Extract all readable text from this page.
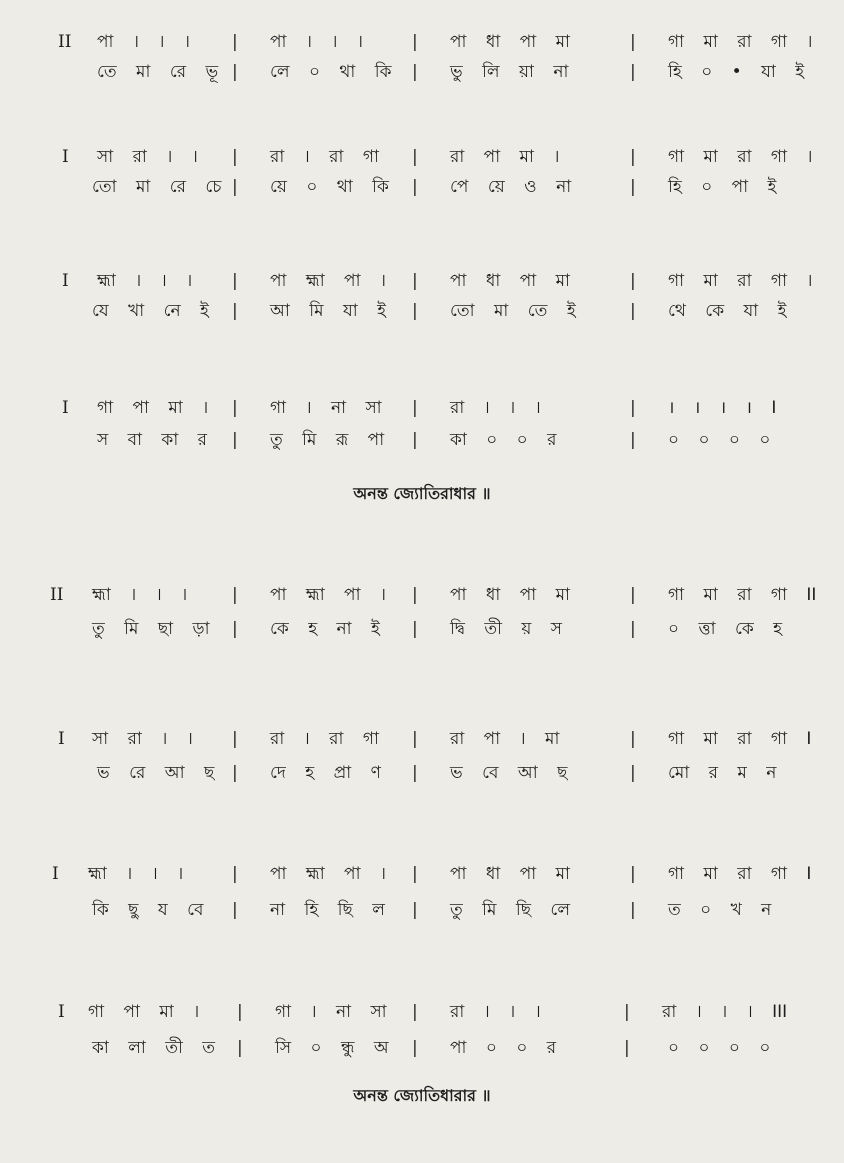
II পা । । ।	| পা । । ।	| পা ধা পা মা	| গা মা রা গা ।
তে মা রে ভূ | লে ০ থা কি	| ভু লি য়া না	| হি ০ • যা ই
I সা রা । ।	| রা । রা গা	| রা পা মা ।	| গা মা রা গা ।
তো মা রে চে | য়ে ০ থা কি	| পে য়ে ও না	| হি ০ পা ই
I হ্মা । । ।	| পা হ্মা পা ।	| পা ধা পা মা	| গা মা রা গা ।
যে খা নে ই	| আ মি যা ই	| তো মা তে ই	| থে কে যা ই
I গা পা মা ।	| গা । না সা	| রা । । ।	| । । । । I
স বা কা র	| তু মি রূ পা	| কা ০ ০ র	| ০ ০ ০ ০
অনন্ত জ্যোতিরাধার ॥
II হ্মা । । ।	| পা হ্মা পা ।	| পা ধা পা মা	| গা মা রা গা II
তু মি ছা ড়া	| কে হ না ই	| দ্বি তী য় স	| ০ ত্তা কে হ
I সা রা । ।	| রা । রা গা	| রা পা । মা	| গা মা রা গা I
ভ রে আ ছ	| দে হ প্রা ণ	| ভ বে আ ছ	| মো র ম ন
I হ্মা । । ।	| পা হ্মা পা ।	| পা ধা পা মা	| গা মা রা গা I
কি ছু য বে	| না হি ছি ল	| তু মি ছি লে	| ত ০ খ ন
I গা পা মা ।	| গা । না সা	| রা । । ।	| রা । । । III
কা লা তী ত	| সি ০ ন্ধু অ	| পা ০ ০ র	| ০ ০ ০ ০
অনন্ত জ্যোতিধারার ॥
